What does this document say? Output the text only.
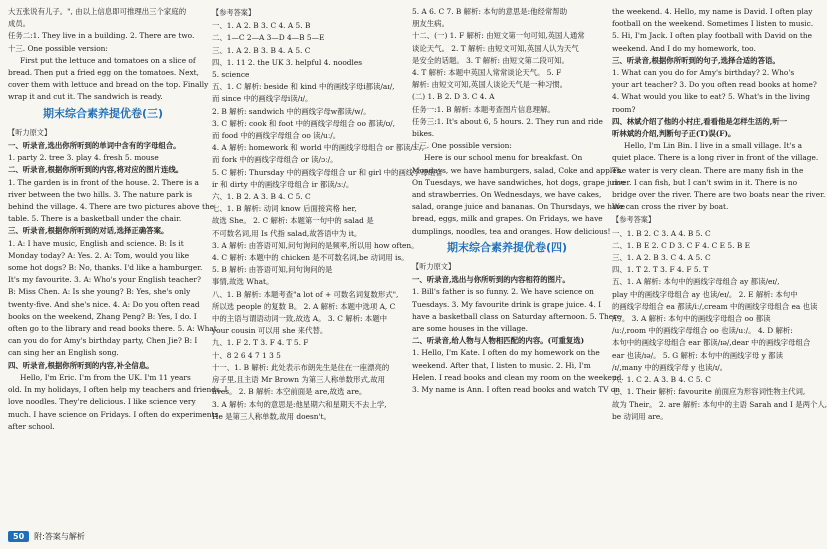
大五张说有儿子。", 由以上信息即可推理出三个家庭的
成员。
任务二:1. They live in a building. 2. There are two.
十三. One possible version:
First put the lettuce and tomatoes on a slice of
bread. Then put a fried egg on the tomatoes. Next,
cover them with lettuce and bread on the top. Finally
wrap it and cut it. The sandwich is ready.
期末综合素养提优卷(三)
【听力原文】
一、听录音,选出你所听到的单词中含有的字母组合。
1. party 2. tree 3. play 4. fresh 5. mouse
二、听录音,根据你所听到的内容,将对应的图片连线。
1. The garden is in front of the house. 2. There is a
river between the two hills. 3. The nature park is
behind the village. 4. There are two pictures above the
table. 5. There is a basketball under the chair.
三、听录音,根据你所听到的对话,选择正确答案。
1. A: I have music, English and science. B: Is it
Monday today? A: Yes. 2. A: Tom, would you like
some hot dogs? B: No, thanks. I'd like a hamburger.
It's my favourite. 3. A: Who's your English teacher?
B: Miss Chen. A: Is she young? B: Yes, she's only
twenty-five. And she's nice. 4. A: Do you often read
books on the weekend, Zhang Peng? B: Yes, I do. I
often go to the library and read books there. 5. A: What
can you do for Amy's birthday party, Chen Jie? B: I
can sing her an English song.
四、听录音,根据你所听到的内容,补全信息。
Hello, I'm Eric. I'm from the UK. I'm 11 years
old. In my holidays, I often help my teachers and friends. I
love noodles. They're delicious. I like science very
much. I have science on Fridays. I often do experiments
after school.
【参考答案】
一、1. A 2. B 3. C 4. A 5. B
二、1—C 2—A 3—D 4—B 5—E
三、1. A 2. B 3. B 4. A 5. C
四、1. 11 2. the UK 3. helpful 4. noodles
5. science
五、1. C 解析: beside 和 kind 中的画线字母i都读/aɪ/,
而 since 中的画线字母i读/ɪ/。
2. B 解析: sandwich 中的画线字母w都读/w/。
3. C 解析: cook 和 foot 中的画线字母组合 oo 都读/ʊ/,
而 food 中的画线字母组合 oo 读/uː/。
4. A 解析: homework 和 world 中的画线字母组合 or 都读/ɜː/,
而 fork 中的画线字母组合 or 读/ɔː/。
5. C 解析: Thursday 中的画线字母组合 ur 和 girl 中的画线字母组合
ir 和 dirty 中的画线字母组合 ir 都读/ɜː/。
六、1. B 2. A 3. B 4. C 5. C
七、1. B 解析: 动词 know 后面接宾格 her,
故选 She。 2. C 解析: 本题第一句中的 salad 是
不可数名词,用 Is 代指 salad,故答语中为 it。
3. A 解析: 由答语可知,问句询问的是频率,所以用 how often。
4. C 解析: 本题中的 chicken 是不可数名词,be 动词用 is。
5. B 解析: 由答语可知,问句询问的是
事情,故选 What。
八、1. B 解析: 本题考查"a lot of + 可数名词复数形式",
所以选 people 的复数 B。 2. A 解析: 本题中选项 A, C
中的主语与谓语动词一致,故选 A。 3. C 解析: 本题中
your cousin 可以用 she 来代替。
九、1. F 2. T 3. F 4. T 5. F
十、8 2 6 4 7 1 3 5
十一、1. B 解析: 此处表示布朗先生是住在一座漂亮的
房子里,且主语 Mr Brown 为第三人称单数形式,故用
lives。 2. B 解析: 本空前面是 are,故选 are。
3. A 解析: 本句的意思是:他星期六和星期天不去上学,
He 是第三人称单数,故用 doesn't。
5. A 6. C 7. B 解析: 本句的意思是:他经常帮助
朋友生病。
十二、(一) 1. F 解析: 由短文第一句可知,英国人通常
谈论天气。 2. T 解析: 由短文可知,英国人认为天气
是安全的话题。 3. T 解析: 由短文第二段可知。
4. T 解析: 本题中英国人常常谈论天气。 5. F
解析: 由短文可知,英国人谈论天气是一种习惯。
(二) 1. B 2. D 3. C 4. A
任务一:1. B 解析: 本题考查图片信息理解。
任务三:1. It's about 6, 5 hours. 2. They run and ride
bikes.
十三. One possible version:
Here is our school menu for breakfast. On
Mondays, we have hamburgers, salad, Coke and apples.
On Tuesdays, we have sandwiches, hot dogs, grape juice
and strawberries. On Wednesdays, we have cakes,
salad, orange juice and bananas. On Thursdays, we have
bread, eggs, milk and grapes. On Fridays, we have
dumplings, noodles, tea and oranges. How delicious!
期末综合素养提优卷(四)
【听力原文】
一、听录音,选出与你所听到的内容相符的图片。
1. Bill's father is so funny. 2. We have science on
Tuesdays. 3. My favourite drink is grape juice. 4. I
have a basketball class on Saturday afternoon. 5. There
are some houses in the village.
二、听录音,给人物与人物相匹配的内容。(可重复选)
1. Hello, I'm Kate. I often do my homework on the
weekend. After that, I listen to music. 2. Hi, I'm
Helen. I read books and clean my room on the weekend.
3. My name is Ann. I often read books and watch TV on
the weekend. 4. Hello, my name is David. I often play
football on the weekend. Sometimes I listen to music.
5. Hi, I'm Jack. I often play football with David on the
weekend. And I do my homework, too.
三、听录音,根据你所听到的句子,选择合适的答语。
1. What can you do for Amy's birthday? 2. Who's
your art teacher? 3. Do you often read books at home?
4. What would you like to eat? 5. What's in the living
room?
四、林斌介绍了他的小村庄,看看他是怎样生活的,听一
听林斌的介绍,判断句子正(T)误(F)。
Hello, I'm Lin Bin. I live in a small village. It's a
quiet place. There is a long river in front of the village.
The water is very clean. There are many fish in the
river. I can fish, but I can't swim in it. There is no
bridge over the river. There are two boats near the river.
We can cross the river by boat.
【参考答案】
一、1. B 2. C 3. A 4. B 5. C
二、1. B E 2. C D 3. C F 4. C E 5. B E
三、1. A 2. B 3. C 4. A 5. C
四、1. T 2. T 3. F 4. F 5. T
五、1. A 解析: 本句中的画线字母组合 ay 都读/eɪ/,
play 中的画线字母组合 ay 也读/eɪ/。 2. E 解析: 本句中
的画线字母组合 ea 都读/iː/,cream 中的画线字母组合 ea 也读
/iː/。 3. A 解析: 本句中的画线字母组合 oo 都读
/uː/,room 中的画线字母组合 oo 也读/uː/。 4. D 解析:
本句中的画线字母组合 ear 都读/ɪə/,dear 中的画线字母组合
ear 也读/ɪə/。 5. G 解析: 本句中的画线字母 y 都读
/ɪ/,many 中的画线字母 y 也读/ɪ/。
六、1. C 2. A 3. B 4. C 5. C
七、1. Their 解析: favourite 前面应为形容词性物主代词,
故为 Their。 2. are 解析: 本句中的主语 Sarah and I 是两个人,
be 动词用 are。
50	附:答案与解析
